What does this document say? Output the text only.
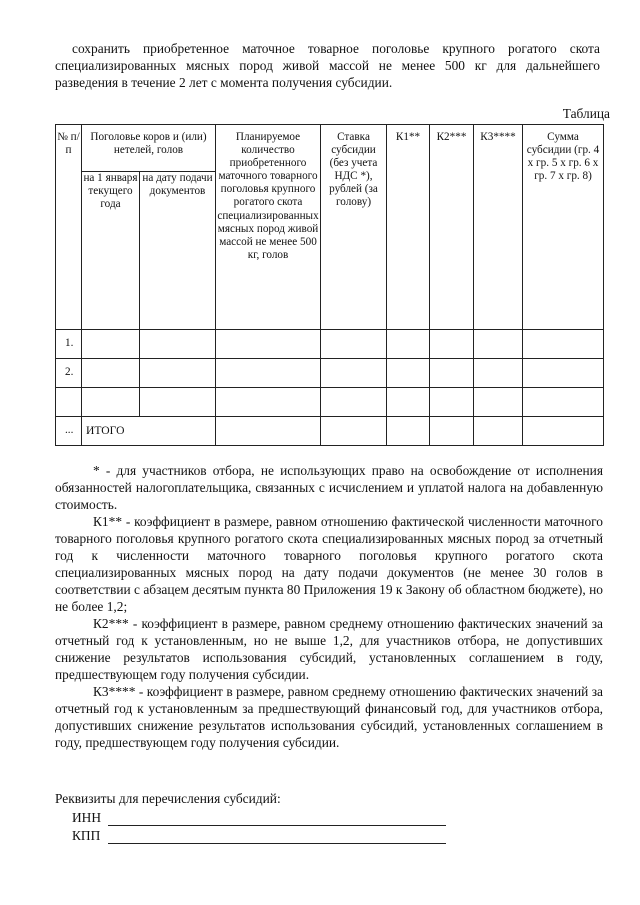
сохранить приобретенное маточное товарное поголовье крупного рогатого скота специализированных мясных пород живой массой не менее 500 кг для дальнейшего разведения в течение 2 лет с момента получения субсидии.
Таблица
№ п/п	Поголовье коров и (или) нетелей, голов		Планируемое количество приобретенного маточного товарного поголовья крупного рогатого скота специализированных мясных пород живой массой не менее 500 кг, голов	Ставка субсидии (без учета НДС *), рублей (за голову)	К1**	К2***	К3****	Сумма субсидии (гр. 4 х гр. 5 х гр. 6 х гр. 7 х гр. 8)
	на 1 января текущего года	на дату подачи документов						
1.								
2.								

...	ИТОГО							

* - для участников отбора, не использующих право на освобождение от исполнения обязанностей налогоплательщика, связанных с исчислением и уплатой налога на добавленную стоимость.

К1** - коэффициент в размере, равном отношению фактической численности маточного товарного поголовья крупного рогатого скота специализированных мясных пород за отчетный год к численности маточного товарного поголовья крупного рогатого скота специализированных мясных пород на дату подачи документов (не менее 30 голов в соответствии с абзацем десятым пункта 80 Приложения 19 к Закону об областном бюджете), но не более 1,2;

К2*** - коэффициент в размере, равном среднему отношению фактических значений за отчетный год к установленным, но не выше 1,2, для участников отбора, не допустивших снижение результатов использования субсидий, установленных соглашением в году, предшествующем году получения субсидии.

К3**** - коэффициент в размере, равном среднему отношению фактических значений за отчетный год к установленным за предшествующий финансовый год, для участников отбора, допустивших снижение результатов использования субсидий, установленных соглашением в году, предшествующем году получения субсидии.

Реквизиты для перечисления субсидий:
ИНН
КПП
